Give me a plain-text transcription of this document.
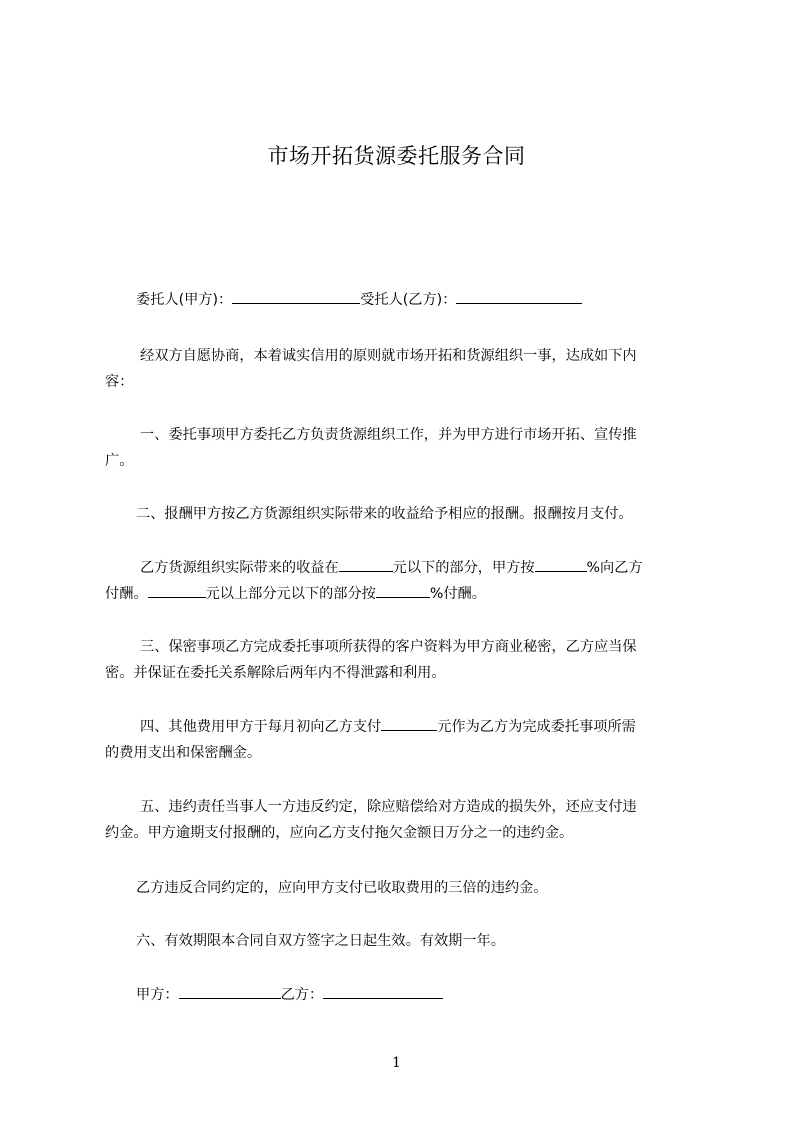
市场开拓货源委托服务合同

委托人(甲方)：	受托人(乙方)：

经双方自愿协商，本着诚实信用的原则就市场开拓和货源组织一事，达成如下内
容：

一、委托事项甲方委托乙方负责货源组织工作，并为甲方进行市场开拓、宣传推
广。

二、报酬甲方按乙方货源组织实际带来的收益给予相应的报酬。报酬按月支付。

乙方货源组织实际带来的收益在	元以下的部分，甲方按	%向乙方
付酬。	元以上部分元以下的部分按	%付酬。

三、保密事项乙方完成委托事项所获得的客户资料为甲方商业秘密，乙方应当保
密。并保证在委托关系解除后两年内不得泄露和利用。

四、其他费用甲方于每月初向乙方支付	元作为乙方为完成委托事项所需
的费用支出和保密酬金。

五、违约责任当事人一方违反约定，除应赔偿给对方造成的损失外，还应支付违
约金。甲方逾期支付报酬的，应向乙方支付拖欠金额日万分之一的违约金。

乙方违反合同约定的，应向甲方支付已收取费用的三倍的违约金。

六、有效期限本合同自双方签字之日起生效。有效期一年。

甲方：	乙方：

1
